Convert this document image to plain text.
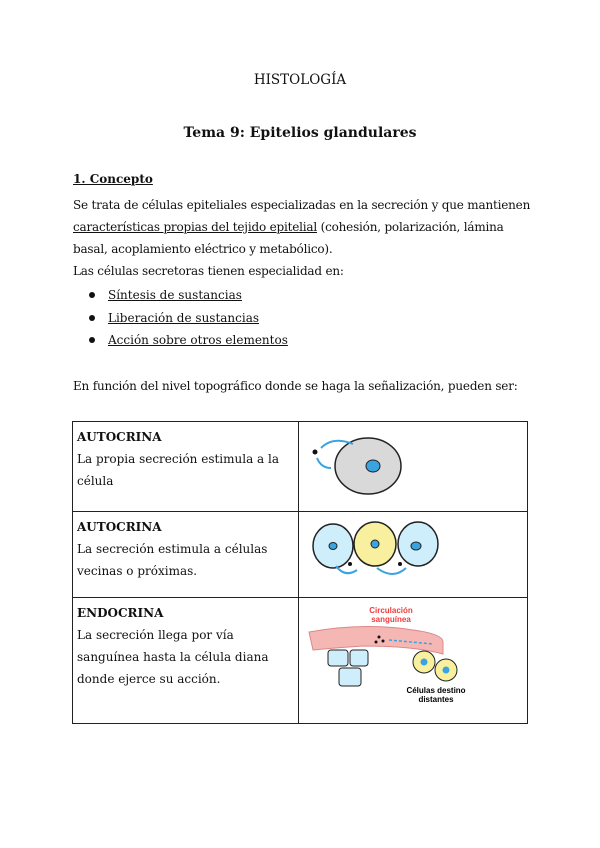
HISTOLOGÍA
Tema 9: Epitelios glandulares
1. Concepto
Se trata de células epiteliales especializadas en la secreción y que mantienen características propias del tejido epitelial (cohesión, polarización, lámina basal, acoplamiento eléctrico y metabólico).
Las células secretoras tienen especialidad en:
Síntesis de sustancias
Liberación de sustancias
Acción sobre otros elementos
En función del nivel topográfico donde se haga la señalización, pueden ser:
AUTOCRINA
La propia secreción estimula a la célula	

AUTOCRINA
La secreción estimula a células vecinas o próximas.	

ENDOCRINA
La secreción llega por vía sanguínea hasta la célula diana donde ejerce su acción.	Circulación
sanguínea
Células destino
distantes
